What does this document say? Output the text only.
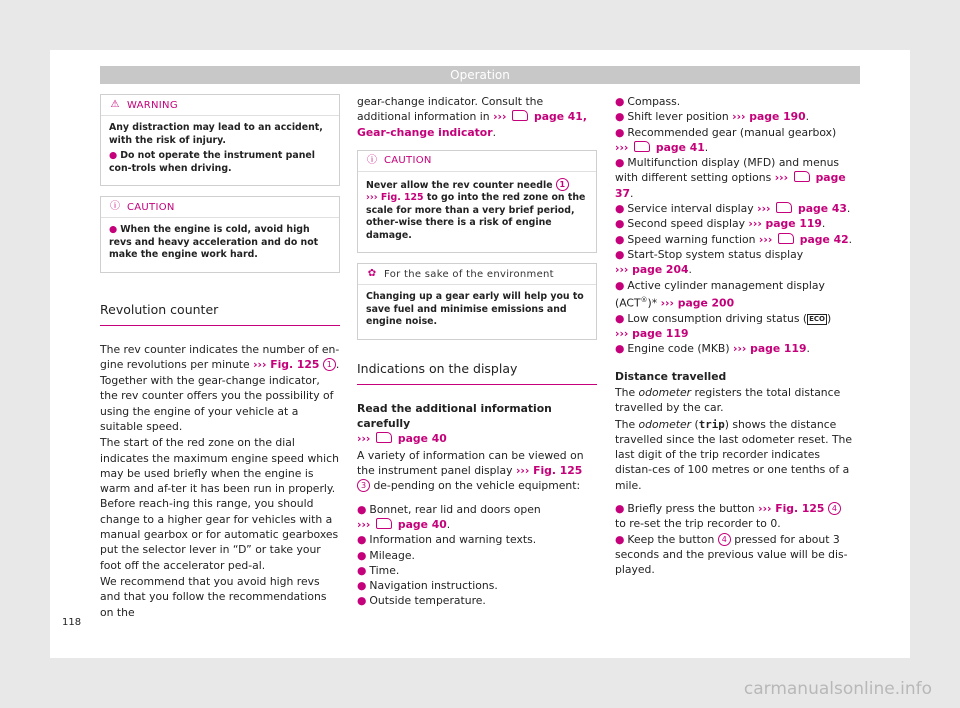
Operation
⚠ WARNING

Any distraction may lead to an accident, with the risk of injury.

● Do not operate the instrument panel con-trols when driving.

ⓘ CAUTION

● When the engine is cold, avoid high revs and heavy acceleration and do not make the engine work hard.

Revolution counter

The rev counter indicates the number of en-gine revolutions per minute ››› Fig. 125 1 .

Together with the gear-change indicator, the rev counter offers you the possibility of using the engine of your vehicle at a suitable speed.

The start of the red zone on the dial indicates the maximum engine speed which may be used briefly when the engine is warm and af-ter it has been run in properly. Before reach-ing this range, you should change to a higher gear for vehicles with a manual gearbox or for automatic gearboxes put the selector lever in “D” or take your foot off the accelerator ped-al.

We recommend that you avoid high revs and that you follow the recommendations on the

gear-change indicator. Consult the additional information in ›››  page 41, Gear-change indicator.

ⓘ CAUTION

Never allow the rev counter needle 1
››› Fig. 125 to go into the red zone on the scale for more than a very brief period, other-wise there is a risk of engine damage.

✿ For the sake of the environment

Changing up a gear early will help you to save fuel and minimise emissions and engine noise.

Indications on the display

Read the additional information carefully
›››  page 40

A variety of information can be viewed on the instrument panel display ››› Fig. 125 3 de-pending on the vehicle equipment:

● Bonnet, rear lid and doors open
›››  page 40.

● Information and warning texts.

● Mileage.

● Time.

● Navigation instructions.

● Outside temperature.

● Compass.

● Shift lever position ››› page 190.

● Recommended gear (manual gearbox)
›››  page 41.

● Multifunction display (MFD) and menus with different setting options ›››  page 37.

● Service interval display ›››  page 43.

● Second speed display ››› page 119.

● Speed warning function ›››  page 42.

● Start-Stop system status display
››› page 204.

● Active cylinder management display (ACT®)* ››› page 200

● Low consumption driving status ( ECO )
››› page 119

● Engine code (MKB) ››› page 119.

Distance travelled

The odometer registers the total distance travelled by the car.

The odometer (trip) shows the distance travelled since the last odometer reset. The last digit of the trip recorder indicates distan-ces of 100 metres or one tenths of a mile.

● Briefly press the button ››› Fig. 125 4 to re-set the trip recorder to 0.

● Keep the button 4 pressed for about 3 seconds and the previous value will be dis-played.

118
carmanualsonline.info
